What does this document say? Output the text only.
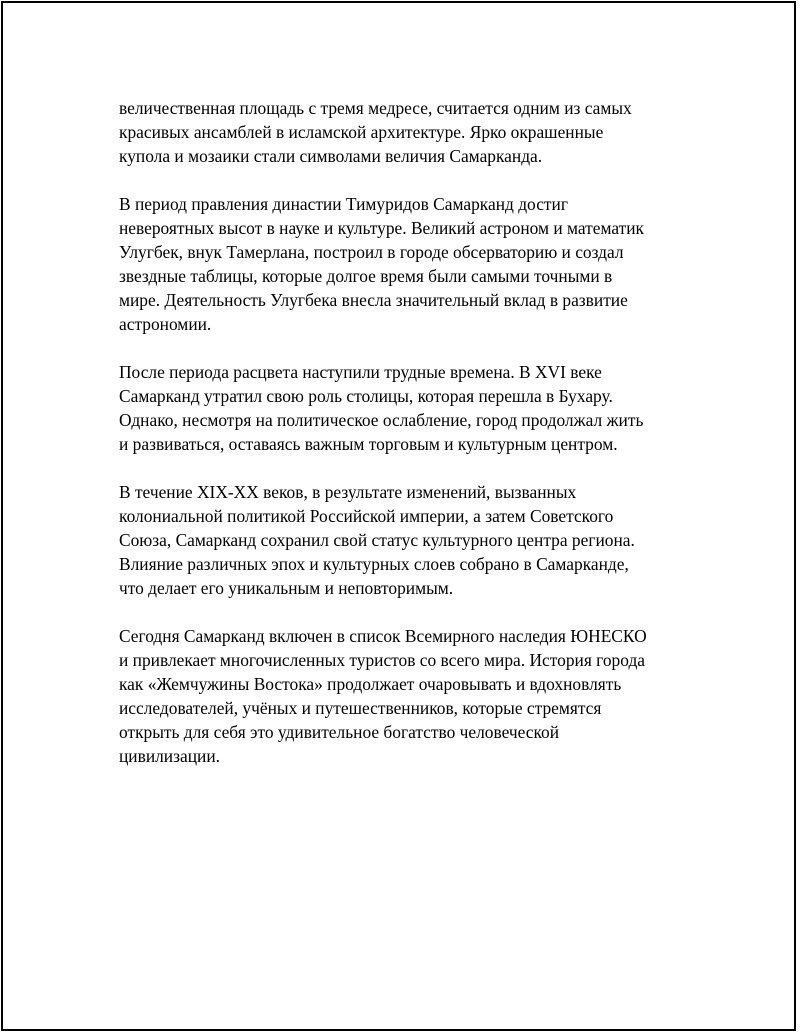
величественная площадь с тремя медресе, считается одним из самых
красивых ансамблей в исламской архитектуре. Ярко окрашенные
купола и мозаики стали символами величия Самарканда.
В период правления династии Тимуридов Самарканд достиг
невероятных высот в науке и культуре. Великий астроном и математик
Улугбек, внук Тамерлана, построил в городе обсерваторию и создал
звездные таблицы, которые долгое время были самыми точными в
мире. Деятельность Улугбека внесла значительный вклад в развитие
астрономии.
После периода расцвета наступили трудные времена. В XVI веке
Самарканд утратил свою роль столицы, которая перешла в Бухару.
Однако, несмотря на политическое ослабление, город продолжал жить
и развиваться, оставаясь важным торговым и культурным центром.
В течение XIX-XX веков, в результате изменений, вызванных
колониальной политикой Российской империи, а затем Советского
Союза, Самарканд сохранил свой статус культурного центра региона.
Влияние различных эпох и культурных слоев собрано в Самарканде,
что делает его уникальным и неповторимым.
Сегодня Самарканд включен в список Всемирного наследия ЮНЕСКО
и привлекает многочисленных туристов со всего мира. История города
как «Жемчужины Востока» продолжает очаровывать и вдохновлять
исследователей, учёных и путешественников, которые стремятся
открыть для себя это удивительное богатство человеческой
цивилизации.
